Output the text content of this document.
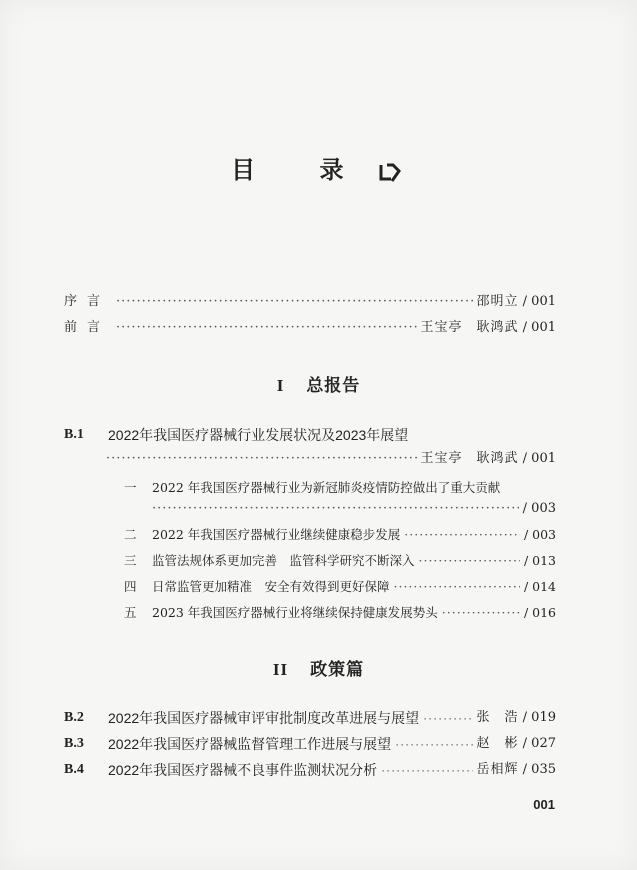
目 录
序言 ·····	邵明立 / 001
前言 ·····	王宝亭　耿鸿武 / 001
I 总报告
B.1	2022年我国医疗器械行业发展状况及2023年展望
·····
王宝亭　耿鸿武 / 001
一	2022 年我国医疗器械行业为新冠肺炎疫情防控做出了重大贡献
·····
/ 003
二	2022 年我国医疗器械行业继续健康稳步发展 ·····	/ 003
三	监管法规体系更加完善　监管科学研究不断深入 ·····	/ 013
四	日常监管更加精准　安全有效得到更好保障 ·····	/ 014
五	2023 年我国医疗器械行业将继续保持健康发展势头 ·····	/ 016
II 政策篇
B.2	2022年我国医疗器械审评审批制度改革进展与展望 ·····	张　浩 / 019
B.3	2022年我国医疗器械监督管理工作进展与展望 ·····	赵　彬 / 027
B.4	2022年我国医疗器械不良事件监测状况分析 ·····	岳相辉 / 035
001
